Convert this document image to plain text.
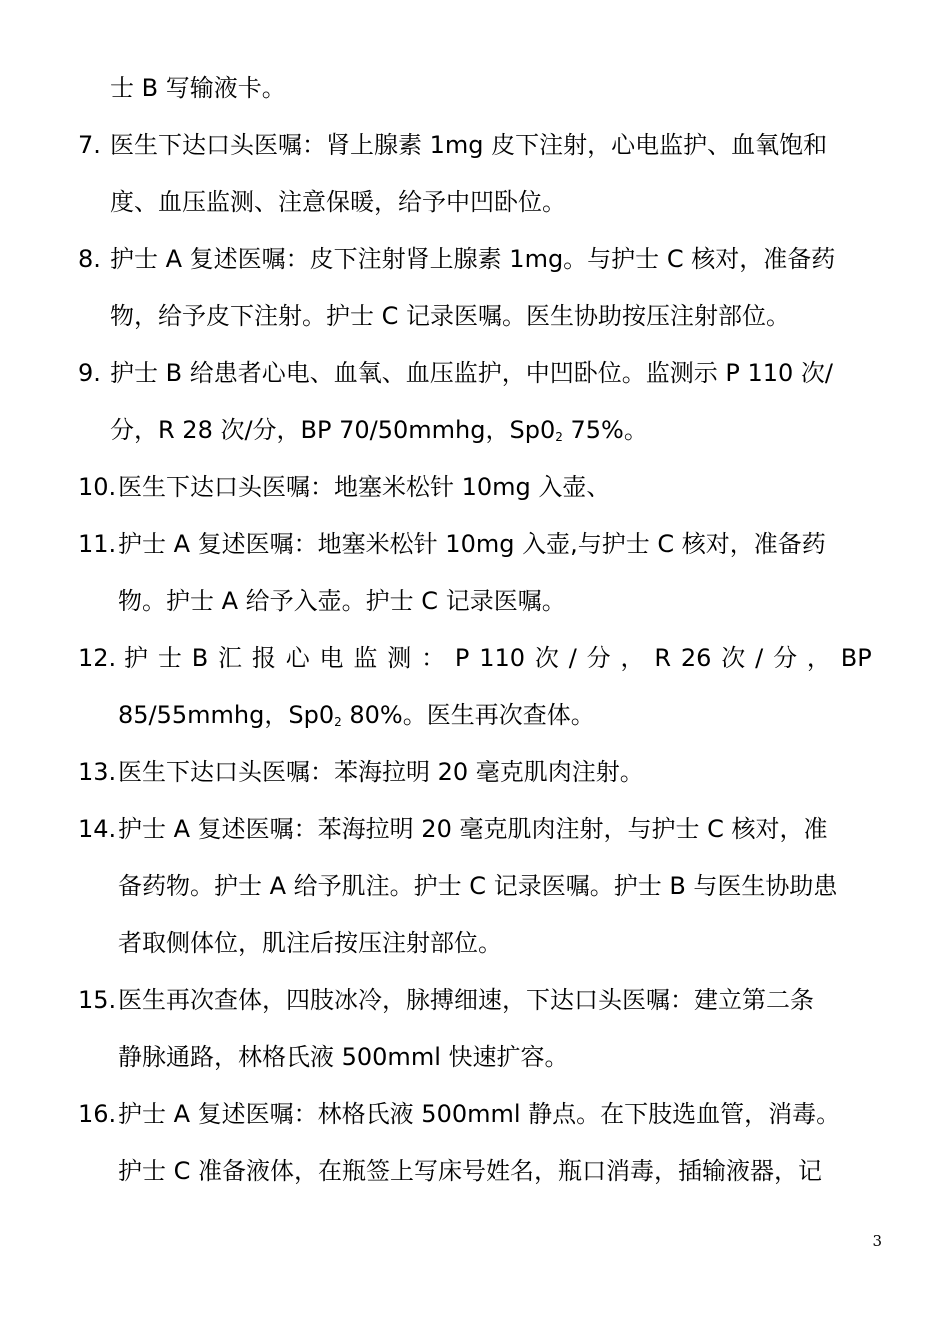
士 B 写输液卡。
7. 医生下达口头医嘱：肾上腺素 1mg 皮下注射，心电监护、血氧饱和
度、血压监测、注意保暖，给予中凹卧位。
8. 护士 A 复述医嘱：皮下注射肾上腺素 1mg。与护士 C 核对，准备药
物，给予皮下注射。护士 C 记录医嘱。医生协助按压注射部位。
9. 护士 B 给患者心电、血氧、血压监护，中凹卧位。监测示 P 110 次/
分，R 28 次/分，BP 70/50mmhg，$Sp0_2$ 75%。
10. 医生下达口头医嘱：地塞米松针 10mg 入壶、
11. 护士 A 复述医嘱：地塞米松针 10mg 入壶,与护士 C 核对，准备药
物。护士 A 给予入壶。护士 C 记录医嘱。
12. 护 士 B 汇 报 心 电 监 测 ： P 110 次 / 分 ， R 26 次 / 分 ， BP
85/55mmhg，$Sp0_2$ 80%。医生再次查体。
13. 医生下达口头医嘱：苯海拉明 20 毫克肌肉注射。
14. 护士 A 复述医嘱：苯海拉明 20 毫克肌肉注射，与护士 C 核对，准
备药物。护士 A 给予肌注。护士 C 记录医嘱。护士 B 与医生协助患
者取侧体位，肌注后按压注射部位。
15. 医生再次查体，四肢冰冷，脉搏细速，下达口头医嘱：建立第二条
静脉通路，林格氏液 500mml 快速扩容。
16. 护士 A 复述医嘱：林格氏液 500mml 静点。在下肢选血管，消毒。
护士 C 准备液体，在瓶签上写床号姓名，瓶口消毒，插输液器，记
3
